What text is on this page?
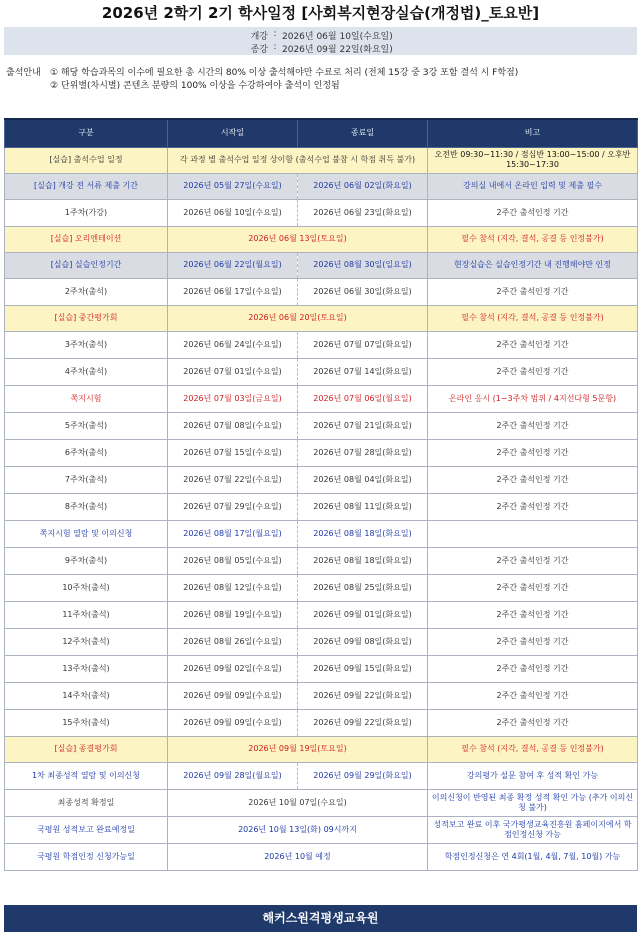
2026년 2학기 2기 학사일정 [사회복지현장실습(개정법)_토요반]
개강 : 2026년 06월 10일(수요일)
종강 : 2026년 09월 22일(화요일)
출석안내 ① 해당 학습과목의 이수에 필요한 총 시간의 80% 이상 출석해야만 수료로 처리 (전체 15강 중 3강 포함 결석 시 F학점)
② 단위별(차시별) 콘텐츠 분량의 100% 이상을 수강하여야 출석이 인정됨
구분	시작일	종료일	비고
[실습] 출석수업 일정	각 과정 별 출석수업 일정 상이함 (출석수업 불참 시 학점 취득 불가)		오전반 09:30~11:30 / 점심반 13:00~15:00 / 오후반 15:30~17:30
[실습] 개강 전 서류 제출 기간	2026년 05월 27일(수요일)	2026년 06월 02일(화요일)	강의실 내에서 온라인 입력 및 제출 필수
1주차(가강)	2026년 06월 10일(수요일)	2026년 06월 23일(화요일)	2주간 출석인정 기간
[실습] 오리엔테이션	2026년 06월 13일(토요일)		필수 참석 (지각, 결석, 공결 등 인정불가)
[실습] 실습인정기간	2026년 06월 22일(월요일)	2026년 08월 30일(일요일)	현장실습은 실습인정기간 내 진행해야만 인정
2주차(출석)	2026년 06월 17일(수요일)	2026년 06월 30일(화요일)	2주간 출석인정 기간
[실습] 중간평가회	2026년 06월 20일(토요일)		필수 참석 (지각, 결석, 공결 등 인정불가)
3주차(출석)	2026년 06월 24일(수요일)	2026년 07월 07일(화요일)	2주간 출석인정 기간
4주차(출석)	2026년 07월 01일(수요일)	2026년 07월 14일(화요일)	2주간 출석인정 기간
쪽지시험	2026년 07월 03일(금요일)	2026년 07월 06일(월요일)	온라인 응시 (1~3주차 범위 / 4지선다형 5문항)
5주차(출석)	2026년 07월 08일(수요일)	2026년 07월 21일(화요일)	2주간 출석인정 기간
6주차(출석)	2026년 07월 15일(수요일)	2026년 07월 28일(화요일)	2주간 출석인정 기간
7주차(출석)	2026년 07월 22일(수요일)	2026년 08월 04일(화요일)	2주간 출석인정 기간
8주차(출석)	2026년 07월 29일(수요일)	2026년 08월 11일(화요일)	2주간 출석인정 기간
쪽지시험 열람 및 이의신청	2026년 08월 17일(월요일)	2026년 08월 18일(화요일)	
9주차(출석)	2026년 08월 05일(수요일)	2026년 08월 18일(화요일)	2주간 출석인정 기간
10주차(출석)	2026년 08월 12일(수요일)	2026년 08월 25일(화요일)	2주간 출석인정 기간
11주차(출석)	2026년 08월 19일(수요일)	2026년 09월 01일(화요일)	2주간 출석인정 기간
12주차(출석)	2026년 08월 26일(수요일)	2026년 09월 08일(화요일)	2주간 출석인정 기간
13주차(출석)	2026년 09월 02일(수요일)	2026년 09월 15일(화요일)	2주간 출석인정 기간
14주차(출석)	2026년 09월 09일(수요일)	2026년 09월 22일(화요일)	2주간 출석인정 기간
15주차(출석)	2026년 09월 09일(수요일)	2026년 09월 22일(화요일)	2주간 출석인정 기간
[실습] 종결평가회	2026년 09월 19일(토요일)		필수 참석 (지각, 결석, 공결 등 인정불가)
1차 최종성적 열람 및 이의신청	2026년 09월 28일(월요일)	2026년 09월 29일(화요일)	강의평가 설문 참여 후 성적 확인 가능
최종성적 확정일	2026년 10월 07일(수요일)		이의신청이 반영된 최종 확정 성적 확인 가능 (추가 이의신청 불가)
국평원 성적보고 완료예정일	2026년 10월 13일(화) 09시까지		성적보고 완료 이후 국가평생교육진흥원 홈페이지에서 학점인정신청 가능
국평원 학점인정 신청가능일	2026년 10월 예정		학점인정신청은 연 4회(1월, 4월, 7월, 10월) 가능
해커스원격평생교육원
